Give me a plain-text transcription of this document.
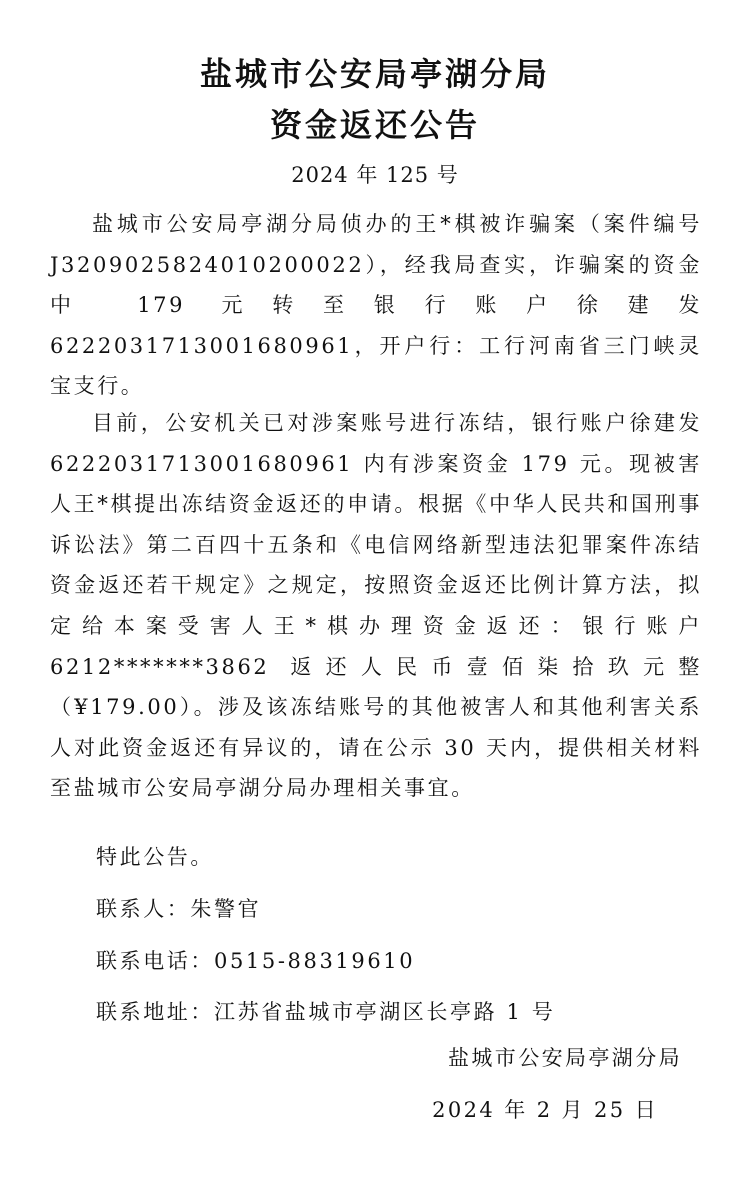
盐城市公安局亭湖分局
资金返还公告
2024 年 125 号

盐城市公安局亭湖分局侦办的王*棋被诈骗案（案件编号J3209025824010200022），经我局查实，诈骗案的资金中 179 元转至银行账户徐建发 6222031713001680961，开户行：工行河南省三门峡灵宝支行。

目前，公安机关已对涉案账号进行冻结，银行账户徐建发6222031713001680961 内有涉案资金 179 元。现被害人王*棋提出冻结资金返还的申请。根据《中华人民共和国刑事诉讼法》第二百四十五条和《电信网络新型违法犯罪案件冻结资金返还若干规定》之规定，按照资金返还比例计算方法，拟定给本案受害人王*棋办理资金返还：银行账户 6212*******3862 返还人民币壹佰柒拾玖元整（¥179.00）。涉及该冻结账号的其他被害人和其他利害关系人对此资金返还有异议的，请在公示 30 天内，提供相关材料至盐城市公安局亭湖分局办理相关事宜。

特此公告。
联系人：朱警官
联系电话：0515-88319610
联系地址：江苏省盐城市亭湖区长亭路 1 号
盐城市公安局亭湖分局
2024 年 2 月 25 日
